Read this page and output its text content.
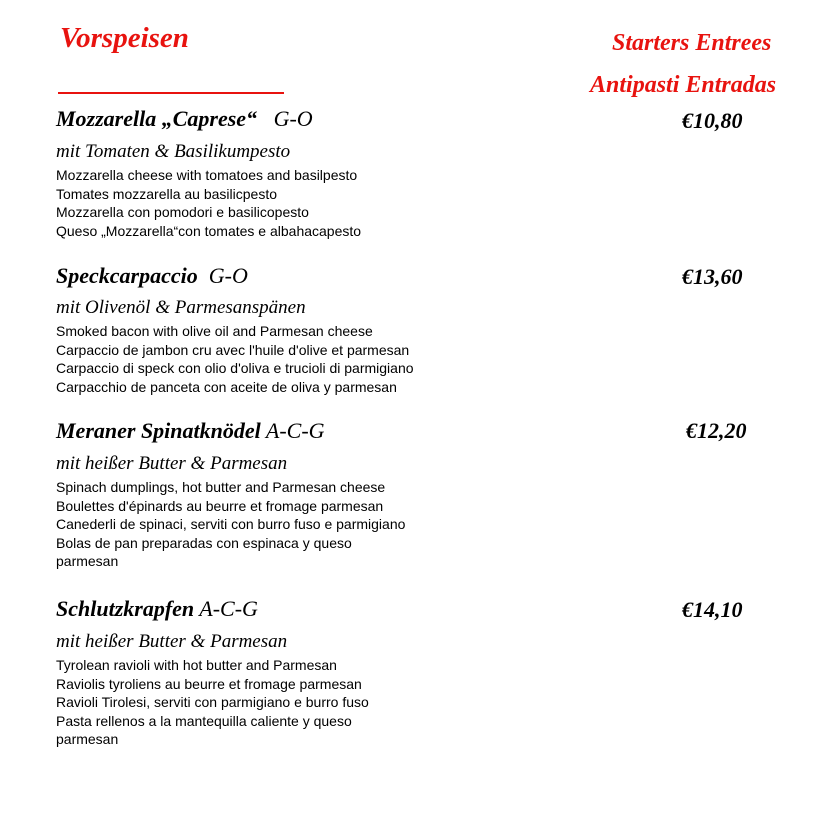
Vorspeisen	Starters Entrees
Antipasti Entradas
Mozzarella „Caprese“ G-O
mit Tomaten & Basilikumpesto
€10,80
Mozzarella cheese with tomatoes and basilpesto
Tomates mozzarella au basilicpesto
Mozzarella con pomodori e basilicopesto
Queso „Mozzarella“con tomates e albahacapesto
Speckcarpaccio G-O
mit Olivenöl & Parmesanspänen
€13,60
Smoked bacon with olive oil and Parmesan cheese
Carpaccio de jambon cru avec l'huile d'olive et parmesan
Carpaccio di speck con olio d'oliva e trucioli di parmigiano
Carpacchio de panceta con aceite de oliva y parmesan
Meraner Spinatknödel A-C-G
mit heißer Butter & Parmesan
€12,20
Spinach dumplings, hot butter and Parmesan cheese
Boulettes d'épinards au beurre et fromage parmesan
Canederli de spinaci, serviti con burro fuso e parmigiano
Bolas de pan preparadas con espinaca y queso parmesan
Schlutzkrapfen A-C-G
mit heißer Butter & Parmesan
€14,10
Tyrolean ravioli with hot butter and Parmesan
Raviolis tyroliens au beurre et fromage parmesan
Ravioli Tirolesi, serviti con parmigiano e burro fuso
Pasta rellenos a la mantequilla caliente y queso parmesan
